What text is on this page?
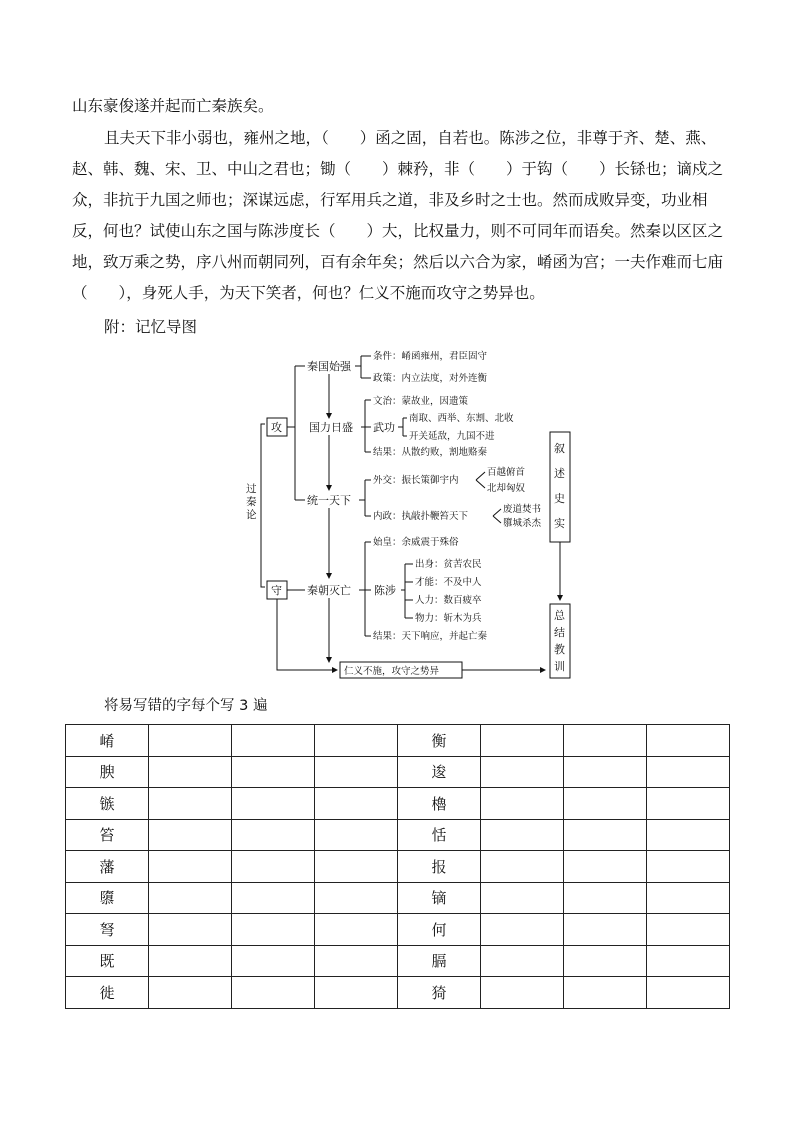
山东豪俊遂并起而亡秦族矣。
且夫天下非小弱也，雍州之地，（　　）函之固，自若也。陈涉之位，非尊于齐、楚、燕、赵、韩、魏、宋、卫、中山之君也；锄（　　）棘矜，非（　　）于钩（　　）长铩也；谪戍之众，非抗于九国之师也；深谋远虑，行军用兵之道，非及乡时之士也。然而成败异变，功业相反，何也？试使山东之国与陈涉度长（　　）大，比权量力，则不可同年而语矣。然秦以区区之地，致万乘之势，序八州而朝同列，百有余年矣；然后以六合为家，崤函为宫；一夫作难而七庙（　　），身死人手，为天下笑者，何也？仁义不施而攻守之势异也。
附：记忆导图
过
秦
论
攻
守
秦国始强
国力日盛
统一天下
秦朝灭亡 陈涉
武功
条件：崤函雍州，君臣固守
政策：内立法度，对外连衡
文治：蒙故业，因遗策
南取、西举、东割、北收
开关延敌，九国不进
结果：从散约败，割地赂秦
外交：振长策御宇内
百越俯首
北却匈奴
内政：执敲扑鞭笞天下
废道焚书
隳城杀杰
始皇：余威震于殊俗
出身：贫苦农民
才能：不及中人
人力：数百疲卒
物力：斩木为兵
结果：天下响应，并起亡秦
仁义不施，攻守之势异
叙
述
史
实
总
结
教
训
将易写错的字每个写 3 遍
崤				衡			
腴				逡			
镞				櫓			
笞				恬			
藩				报			
隳				镝			
弩				何			
既				膈			
徙				猗			
